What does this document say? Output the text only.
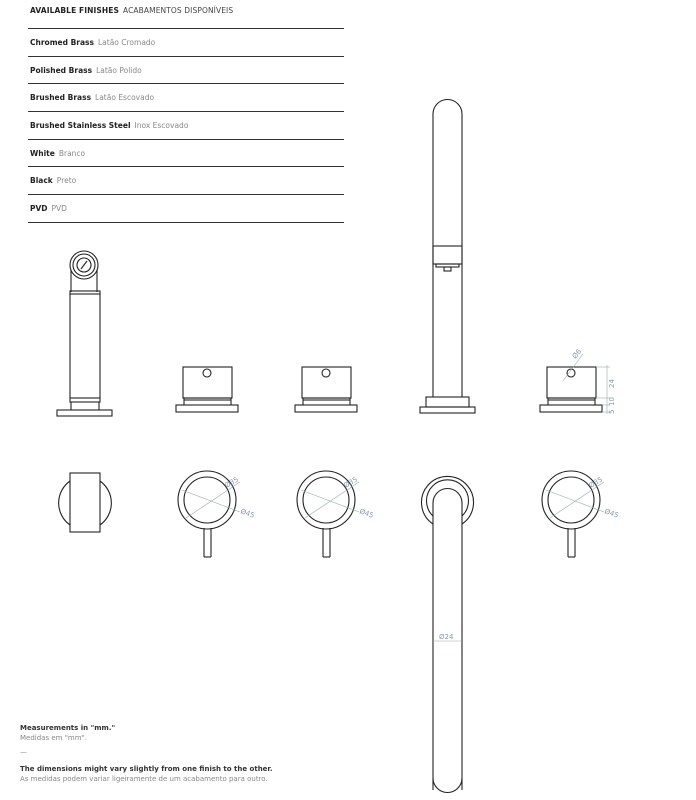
AVAILABLE FINISHES ACABAMENTOS DISPONÍVEIS
Chromed Brass Latão Cromado
Polished Brass Latão Polido
Brushed Brass Latão Escovado
Brushed Stainless Steel Inox Escovado
White Branco
Black Preto
PVD PVD
Ø6
24
10
5
Ø35
Ø45
Ø35
Ø45
Ø35
Ø45
Ø24
Measurements in "mm."
Medidas em "mm".
—
The dimensions might vary slightly from one finish to the other.
As medidas podem variar ligeiramente de um acabamento para outro.
